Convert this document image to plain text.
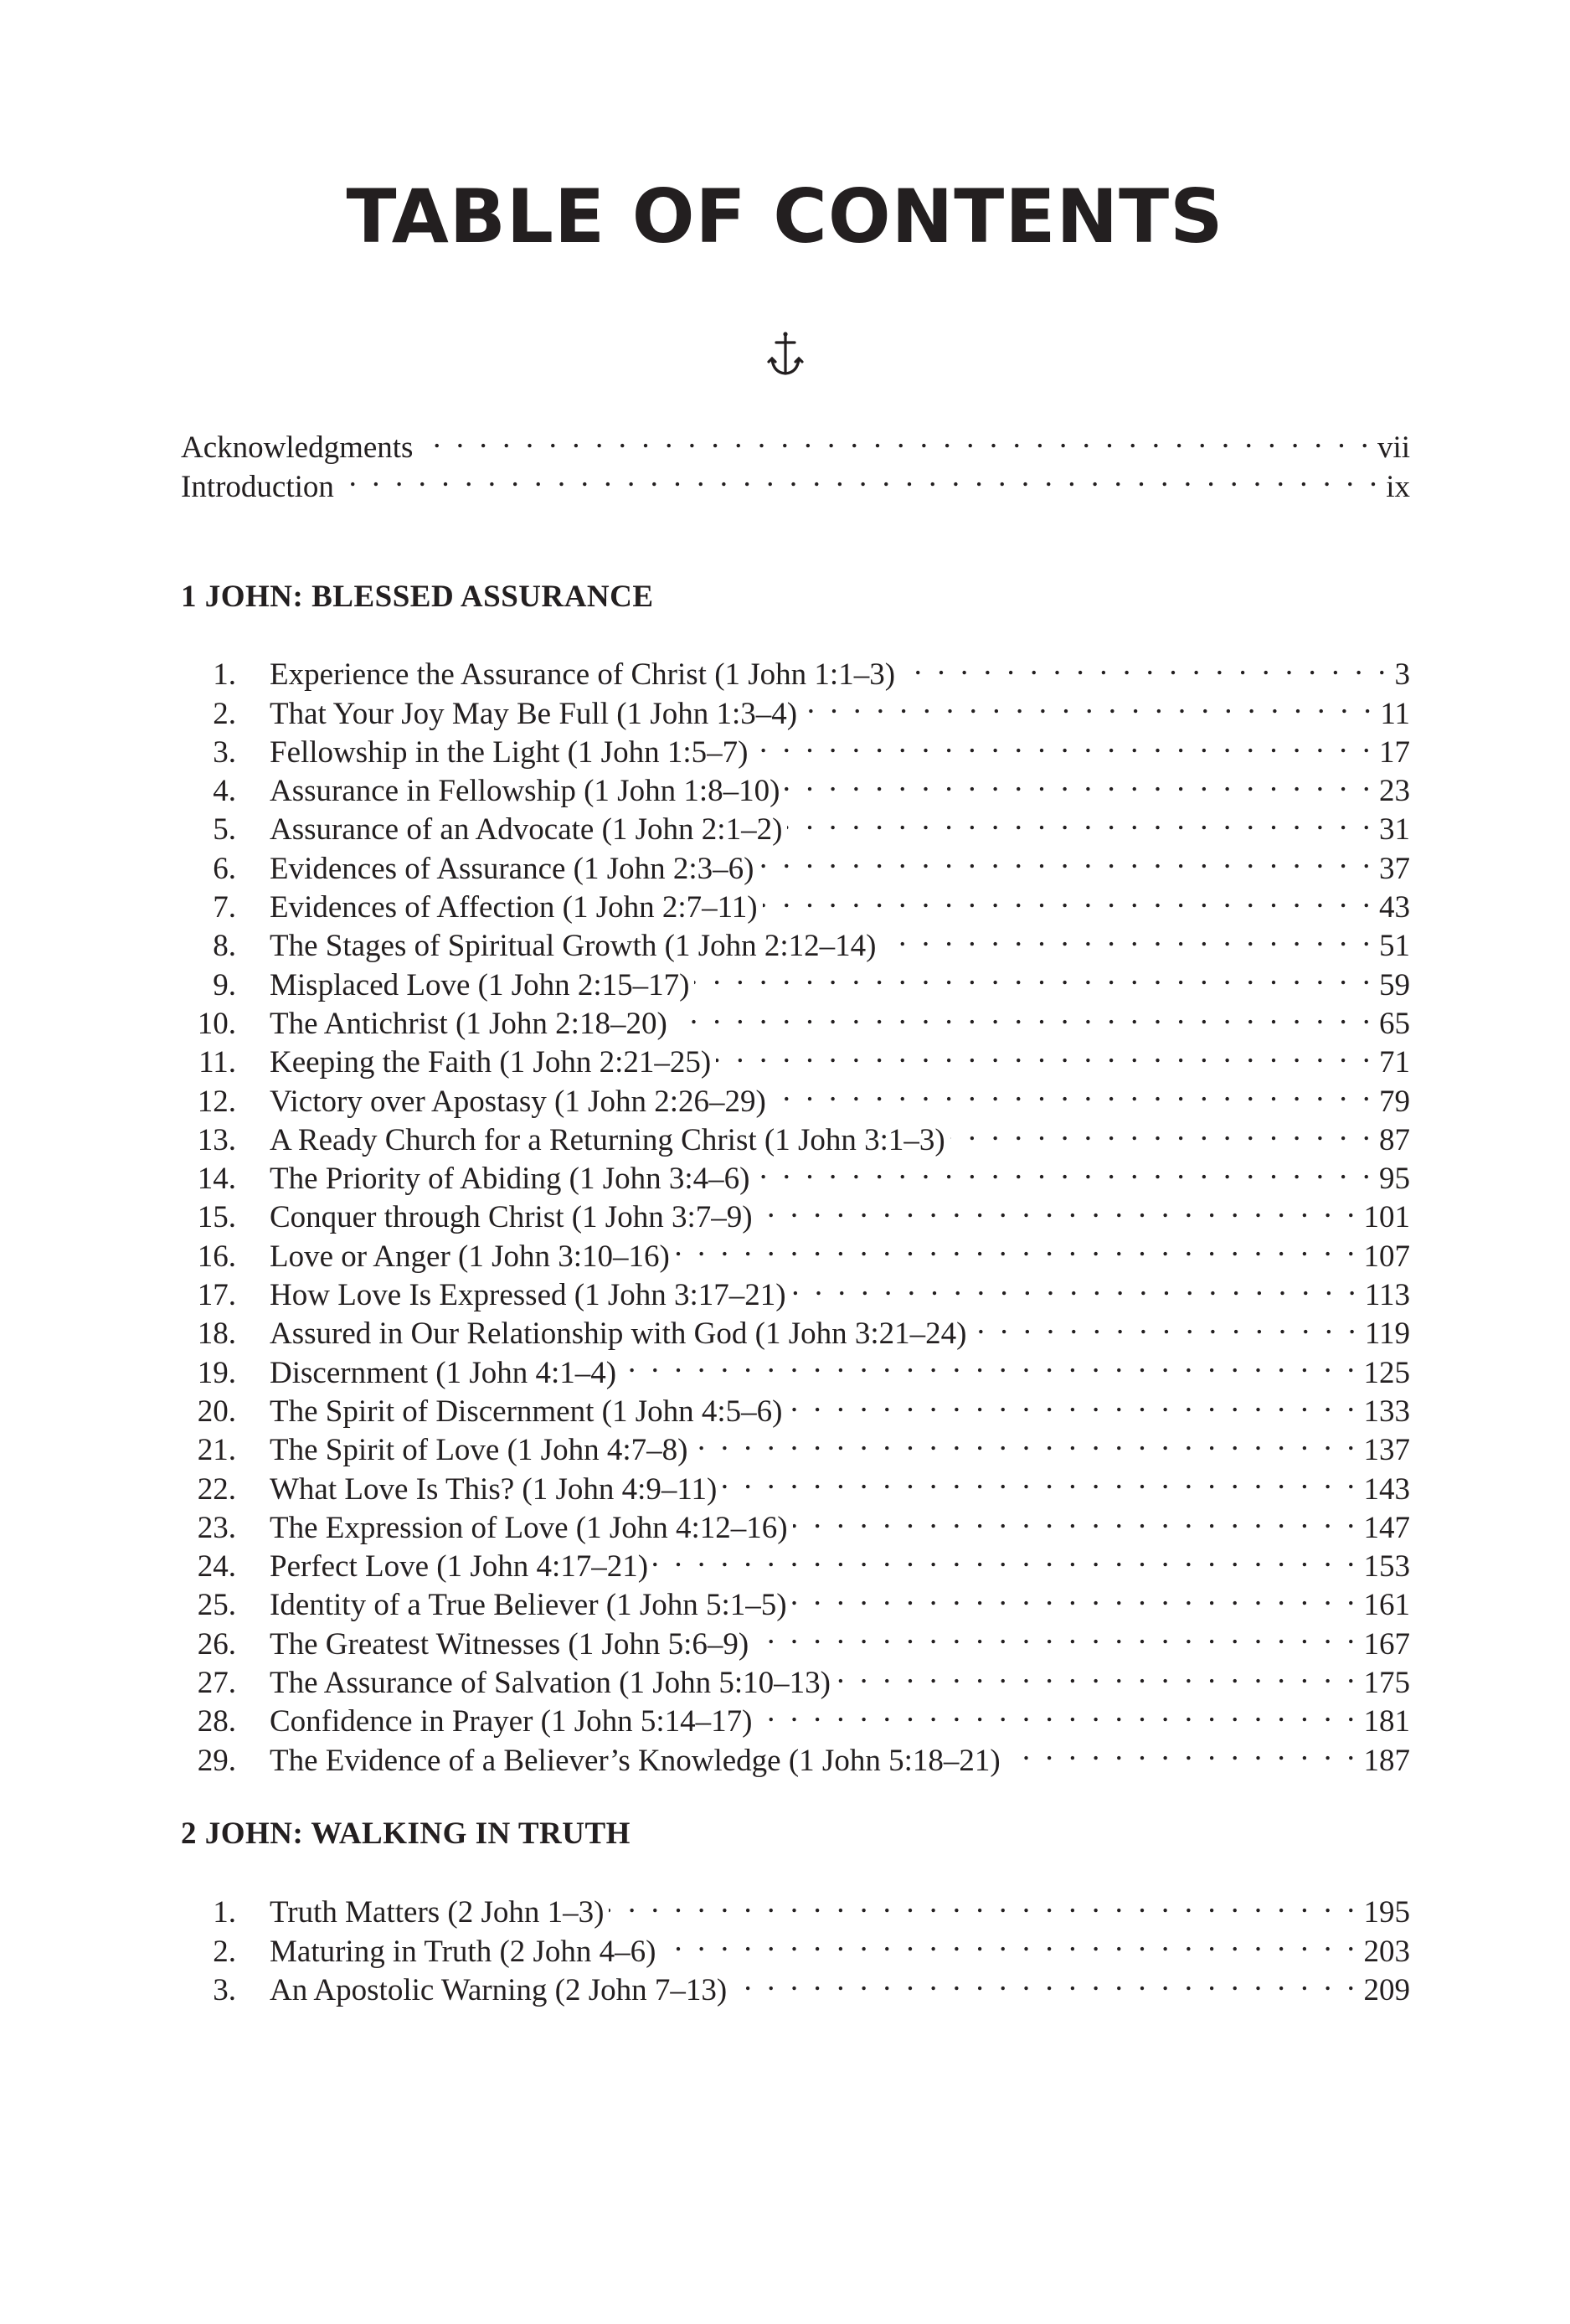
TABLE OF CONTENTS
Acknowledgments . . .	vii
Introduction . . .	ix
1 JOHN: BLESSED ASSURANCE
1. Experience the Assurance of Christ (1 John 1:1–3) . . .	3
2. That Your Joy May Be Full (1 John 1:3–4) . . .	11
3. Fellowship in the Light (1 John 1:5–7) . . .	17
4. Assurance in Fellowship (1 John 1:8–10) . . .	23
5. Assurance of an Advocate (1 John 2:1–2) . . .	31
6. Evidences of Assurance (1 John 2:3–6) . . .	37
7. Evidences of Affection (1 John 2:7–11) . . .	43
8. The Stages of Spiritual Growth (1 John 2:12–14) . . .	51
9. Misplaced Love (1 John 2:15–17) . . .	59
10. The Antichrist (1 John 2:18–20) . . .	65
11. Keeping the Faith (1 John 2:21–25) . . .	71
12. Victory over Apostasy (1 John 2:26–29) . . .	79
13. A Ready Church for a Returning Christ (1 John 3:1–3) . . .	87
14. The Priority of Abiding (1 John 3:4–6) . . .	95
15. Conquer through Christ (1 John 3:7–9) . . .	101
16. Love or Anger (1 John 3:10–16) . . .	107
17. How Love Is Expressed (1 John 3:17–21) . . .	113
18. Assured in Our Relationship with God (1 John 3:21–24) . . .	119
19. Discernment (1 John 4:1–4) . . .	125
20. The Spirit of Discernment (1 John 4:5–6) . . .	133
21. The Spirit of Love (1 John 4:7–8) . . .	137
22. What Love Is This? (1 John 4:9–11) . . .	143
23. The Expression of Love (1 John 4:12–16) . . .	147
24. Perfect Love (1 John 4:17–21) . . .	153
25. Identity of a True Believer (1 John 5:1–5) . . .	161
26. The Greatest Witnesses (1 John 5:6–9) . . .	167
27. The Assurance of Salvation (1 John 5:10–13) . . .	175
28. Confidence in Prayer (1 John 5:14–17) . . .	181
29. The Evidence of a Believer’s Knowledge (1 John 5:18–21) . . .	187
2 JOHN: WALKING IN TRUTH
1. Truth Matters (2 John 1–3) . . .	195
2. Maturing in Truth (2 John 4–6) . . .	203
3. An Apostolic Warning (2 John 7–13) . . .	209
